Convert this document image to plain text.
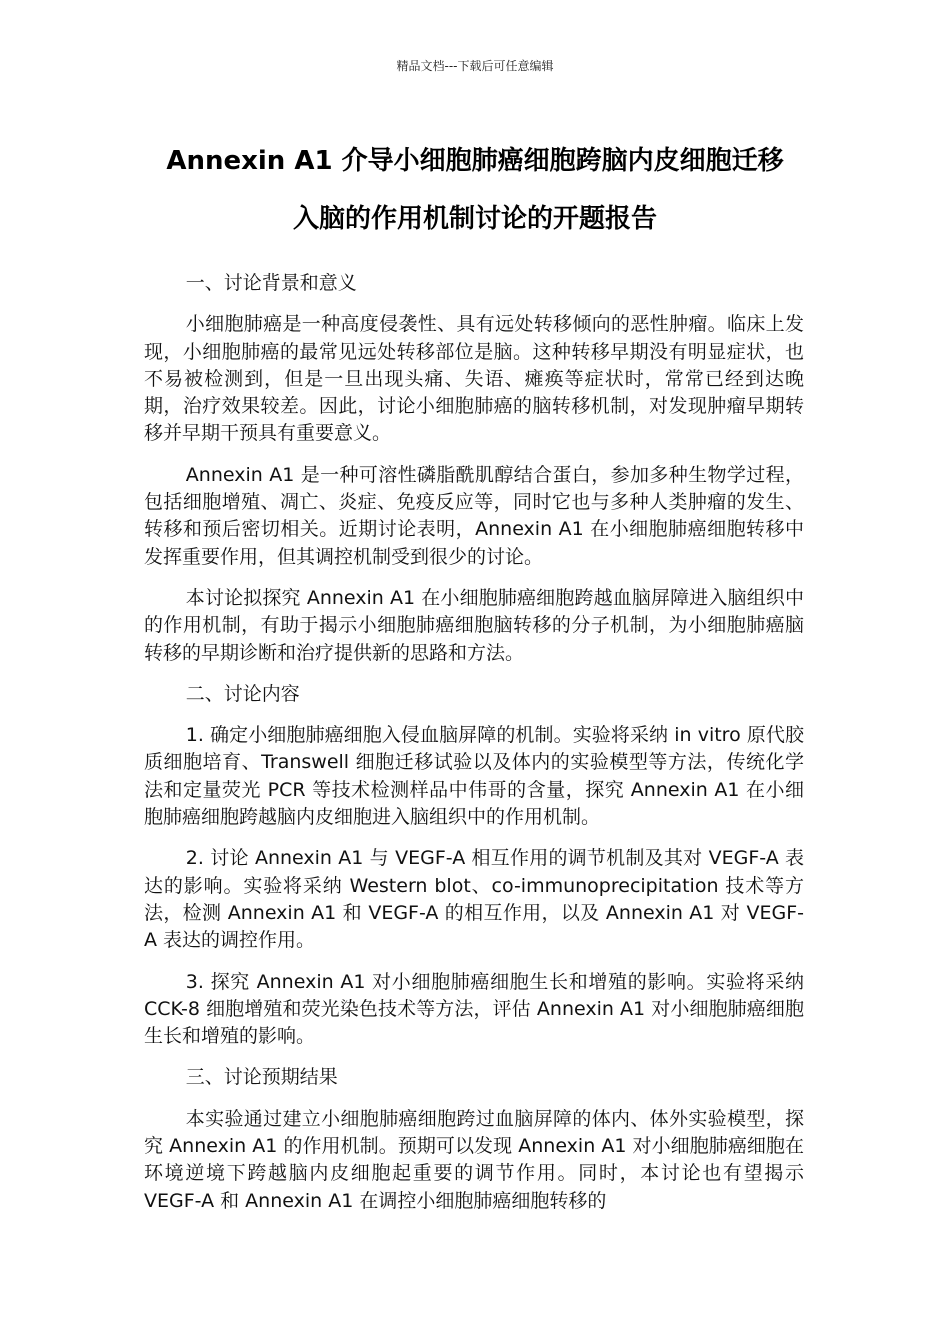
精品文档---下载后可任意编辑
Annexin A1 介导小细胞肺癌细胞跨脑内皮细胞迁移
入脑的作用机制讨论的开题报告

一、讨论背景和意义

小细胞肺癌是一种高度侵袭性、具有远处转移倾向的恶性肿瘤。临床上发现，小细胞肺癌的最常见远处转移部位是脑。这种转移早期没有明显症状，也不易被检测到，但是一旦出现头痛、失语、瘫痪等症状时，常常已经到达晚期，治疗效果较差。因此，讨论小细胞肺癌的脑转移机制，对发现肿瘤早期转移并早期干预具有重要意义。

Annexin A1 是一种可溶性磷脂酰肌醇结合蛋白，参加多种生物学过程，包括细胞增殖、凋亡、炎症、免疫反应等，同时它也与多种人类肿瘤的发生、转移和预后密切相关。近期讨论表明，Annexin A1 在小细胞肺癌细胞转移中发挥重要作用，但其调控机制受到很少的讨论。

本讨论拟探究 Annexin A1 在小细胞肺癌细胞跨越血脑屏障进入脑组织中的作用机制，有助于揭示小细胞肺癌细胞脑转移的分子机制，为小细胞肺癌脑转移的早期诊断和治疗提供新的思路和方法。

二、讨论内容

1. 确定小细胞肺癌细胞入侵血脑屏障的机制。实验将采纳 in vitro 原代胶质细胞培育、Transwell 细胞迁移试验以及体内的实验模型等方法，传统化学法和定量荧光 PCR 等技术检测样品中伟哥的含量，探究 Annexin A1 在小细胞肺癌细胞跨越脑内皮细胞进入脑组织中的作用机制。

2. 讨论 Annexin A1 与 VEGF-A 相互作用的调节机制及其对 VEGF-A 表达的影响。实验将采纳 Western blot、co-immunoprecipitation 技术等方法，检测 Annexin A1 和 VEGF-A 的相互作用，以及 Annexin A1 对 VEGF-A 表达的调控作用。

3. 探究 Annexin A1 对小细胞肺癌细胞生长和增殖的影响。实验将采纳 CCK-8 细胞增殖和荧光染色技术等方法，评估 Annexin A1 对小细胞肺癌细胞生长和增殖的影响。

三、讨论预期结果

本实验通过建立小细胞肺癌细胞跨过血脑屏障的体内、体外实验模型，探究 Annexin A1 的作用机制。预期可以发现 Annexin A1 对小细胞肺癌细胞在环境逆境下跨越脑内皮细胞起重要的调节作用。同时，本讨论也有望揭示 VEGF-A 和 Annexin A1 在调控小细胞肺癌细胞转移的
